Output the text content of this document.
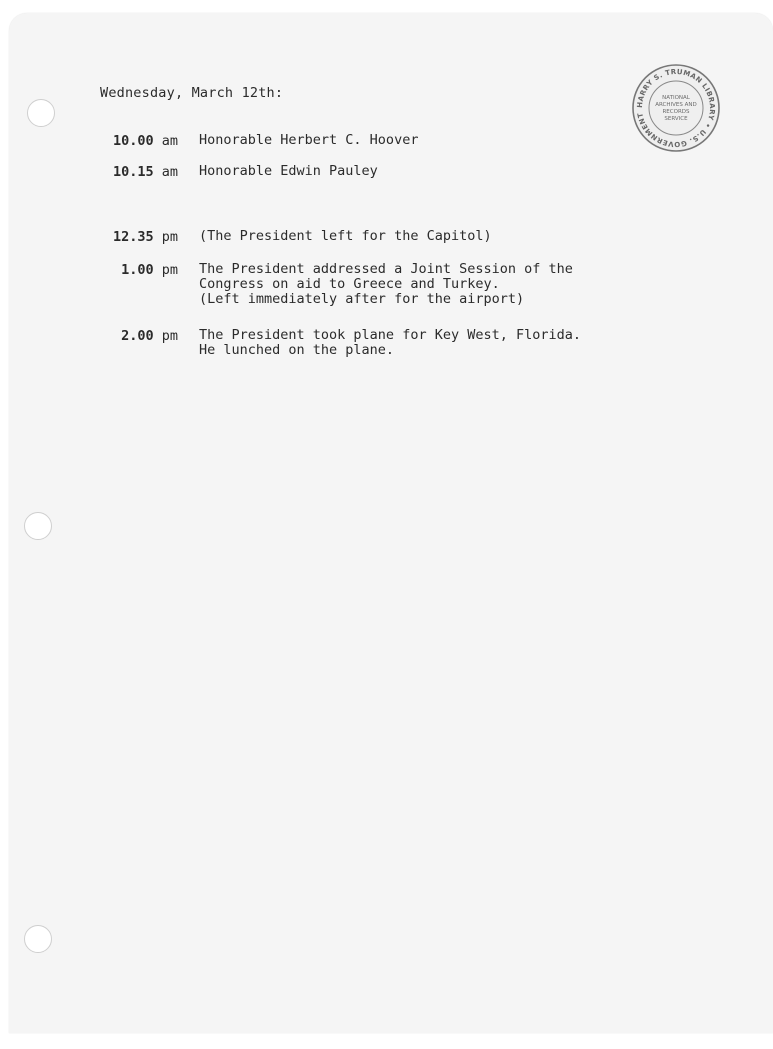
HARRY S. TRUMAN LIBRARY • U.S. GOVERNMENT
NATIONAL
ARCHIVES AND
RECORDS
SERVICE
Wednesday, March 12th:
10.00 am Honorable Herbert C. Hoover
10.15 am Honorable Edwin Pauley
12.35 pm (The President left for the Capitol)
1.00 pm The President addressed a Joint Session of the
Congress on aid to Greece and Turkey.
(Left immediately after for the airport)
2.00 pm The President took plane for Key West, Florida.
He lunched on the plane.
